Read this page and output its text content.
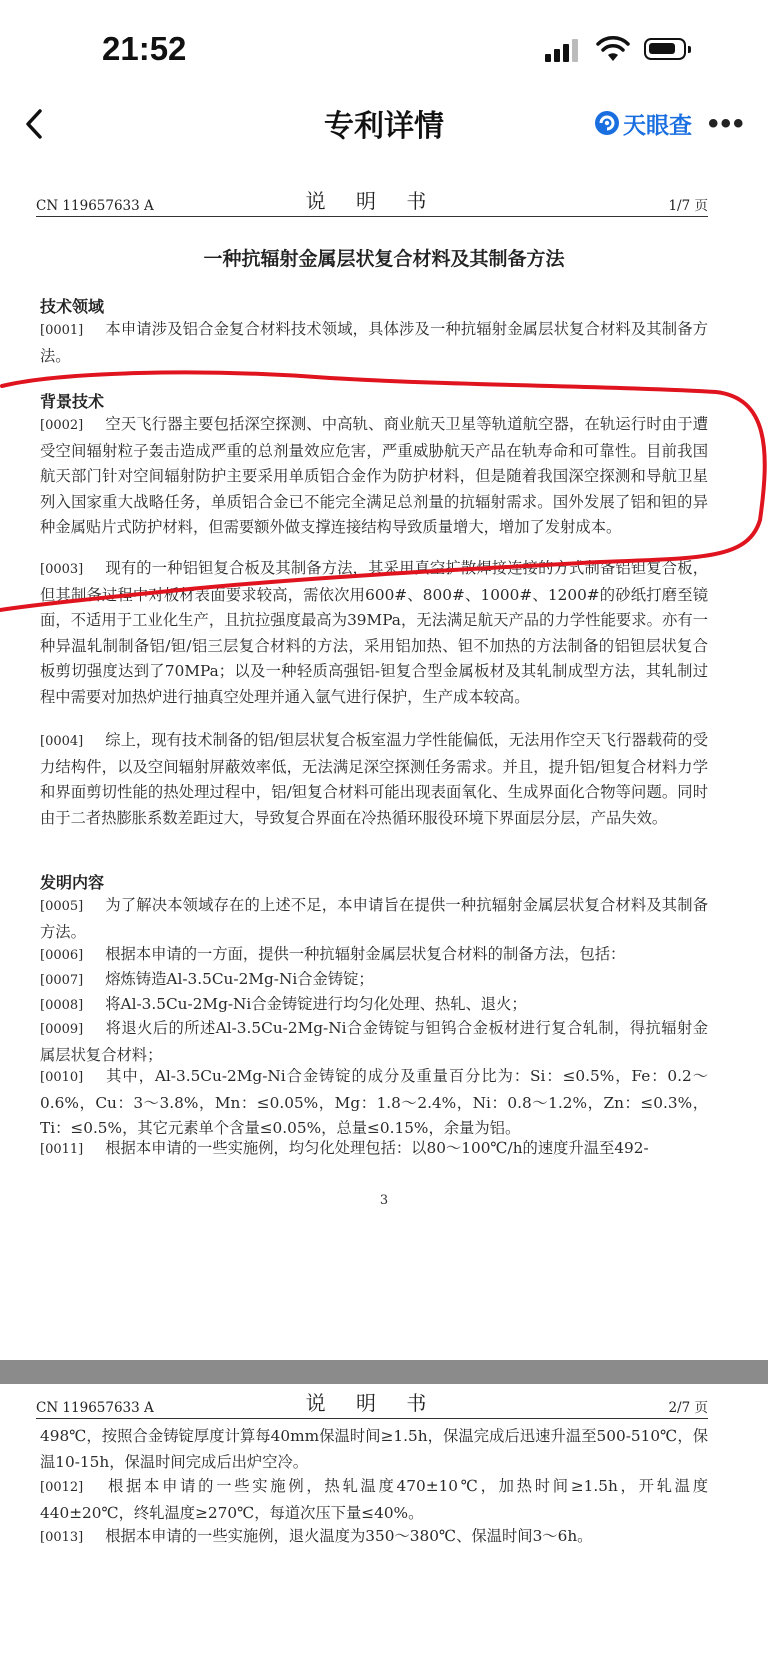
21:52
专利详情	天眼查 •••
CN 119657633 A	说 明 书	1/7 页
一种抗辐射金属层状复合材料及其制备方法
技术领域
[0001] 本申请涉及铝合金复合材料技术领域，具体涉及一种抗辐射金属层状复合材料及其制备方法。
背景技术
[0002] 空天飞行器主要包括深空探测、中高轨、商业航天卫星等轨道航空器，在轨运行时由于遭受空间辐射粒子轰击造成严重的总剂量效应危害，严重威胁航天产品在轨寿命和可靠性。目前我国航天部门针对空间辐射防护主要采用单质铝合金作为防护材料，但是随着我国深空探测和导航卫星列入国家重大战略任务，单质铝合金已不能完全满足总剂量的抗辐射需求。国外发展了铝和钽的异种金属贴片式防护材料，但需要额外做支撑连接结构导致质量增大，增加了发射成本。
[0003] 现有的一种铝钽复合板及其制备方法，其采用真空扩散焊接连接的方式制备铝钽复合板，但其制备过程中对板材表面要求较高，需依次用600#、800#、1000#、1200#的砂纸打磨至镜面，不适用于工业化生产，且抗拉强度最高为39MPa，无法满足航天产品的力学性能要求。亦有一种异温轧制制备铝/钽/铝三层复合材料的方法，采用铝加热、钽不加热的方法制备的铝钽层状复合板剪切强度达到了70MPa；以及一种轻质高强铝-钽复合型金属板材及其轧制成型方法，其轧制过程中需要对加热炉进行抽真空处理并通入氩气进行保护，生产成本较高。
[0004] 综上，现有技术制备的铝/钽层状复合板室温力学性能偏低，无法用作空天飞行器载荷的受力结构件，以及空间辐射屏蔽效率低，无法满足深空探测任务需求。并且，提升铝/钽复合材料力学和界面剪切性能的热处理过程中，铝/钽复合材料可能出现表面氧化、生成界面化合物等问题。同时由于二者热膨胀系数差距过大，导致复合界面在冷热循环服役环境下界面层分层，产品失效。
发明内容
[0005] 为了解决本领域存在的上述不足，本申请旨在提供一种抗辐射金属层状复合材料及其制备方法。
[0006] 根据本申请的一方面，提供一种抗辐射金属层状复合材料的制备方法，包括：
[0007] 熔炼铸造Al-3.5Cu-2Mg-Ni合金铸锭；
[0008] 将Al-3.5Cu-2Mg-Ni合金铸锭进行均匀化处理、热轧、退火；
[0009] 将退火后的所述Al-3.5Cu-2Mg-Ni合金铸锭与钽钨合金板材进行复合轧制，得抗辐射金属层状复合材料；
[0010] 其中，Al-3.5Cu-2Mg-Ni合金铸锭的成分及重量百分比为：Si：≤0.5%，Fe：0.2～0.6%，Cu：3～3.8%，Mn：≤0.05%，Mg：1.8～2.4%，Ni：0.8～1.2%，Zn：≤0.3%，Ti：≤0.5%，其它元素单个含量≤0.05%，总量≤0.15%，余量为铝。
[0011] 根据本申请的一些实施例，均匀化处理包括：以80～100℃/h的速度升温至492-
3
CN 119657633 A	说 明 书	2/7 页
498℃，按照合金铸锭厚度计算每40mm保温时间≥1.5h，保温完成后迅速升温至500-510℃，保温10-15h，保温时间完成后出炉空冷。
[0012] 根据本申请的一些实施例，热轧温度470±10℃，加热时间≥1.5h，开轧温度440±20℃，终轧温度≥270℃，每道次压下量≤40%。
[0013] 根据本申请的一些实施例，退火温度为350～380℃、保温时间3～6h。
